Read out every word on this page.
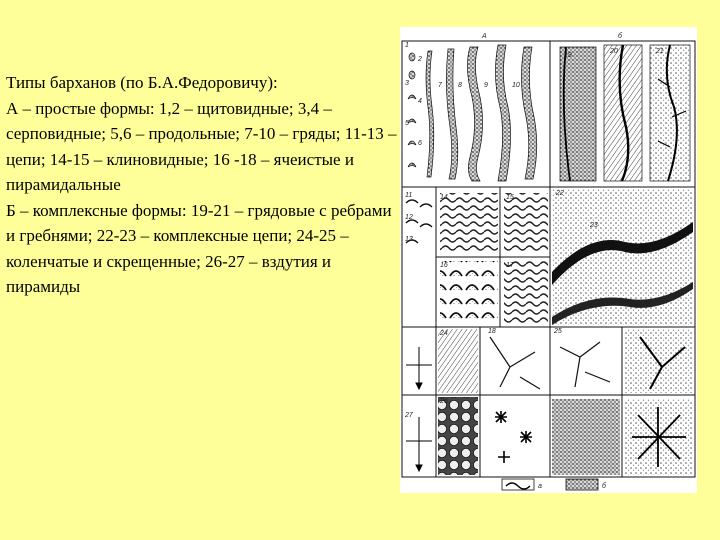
Типы барханов (по Б.А.Федоровичу):

А – простые формы: 1,2 – щитовидные; 3,4 – серповидные; 5,6 – продольные; 7-10 – гряды; 11-13 – цепи; 14-15 – клиновидные; 16 -18 – ячеистые и пирамидальные

Б – комплексные формы: 19-21 – грядовые с ребрами и гребнями; 22-23 – комплексные цепи; 24-25 – коленчатые и скрещенные; 26-27 – вздутия и пирамиды

А	б
а	б
1
2
3
4
5
6
7 8	9	10
11
12
13
14	15
16	17
18
19
20	21
22
23
24	25
26
27
